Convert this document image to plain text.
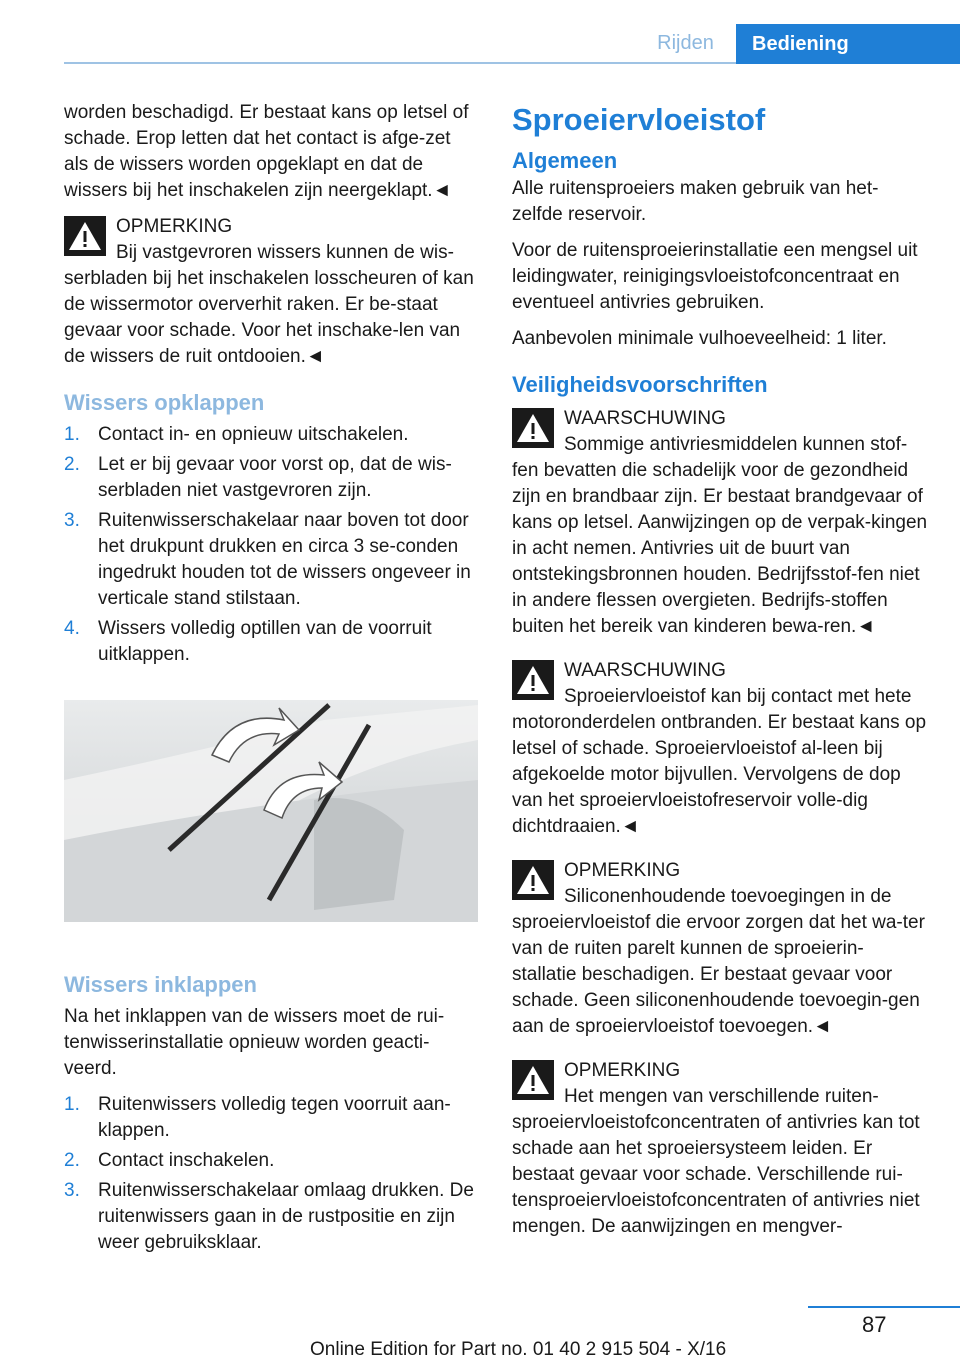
Rijden	Bediening

worden beschadigd. Er bestaat kans op letsel of schade. Erop letten dat het contact is afge‐zet als de wissers worden opgeklapt en dat de wissers bij het inschakelen zijn neergeklapt.◄

OPMERKING
Bij vastgevroren wissers kunnen de wis‐serbladen bij het inschakelen losscheuren of kan de wissermotor oververhit raken. Er be‐staat gevaar voor schade. Voor het inschake‐len van de wissers de ruit ontdooien.◄
Wissers opklappen
1. Contact in- en opnieuw uitschakelen.
2. Let er bij gevaar voor vorst op, dat de wis‐serbladen niet vastgevroren zijn.
3. Ruitenwisserschakelaar naar boven tot door het drukpunt drukken en circa 3 se‐conden ingedrukt houden tot de wissers ongeveer in verticale stand stilstaan.
4. Wissers volledig optillen van de voorruit uitklappen.
Wissers inklappen

Na het inklappen van de wissers moet de rui‐tenwisserinstallatie opnieuw worden geacti‐veerd.

1. Ruitenwissers volledig tegen voorruit aan‐klappen.
2. Contact inschakelen.
3. Ruitenwisserschakelaar omlaag drukken. De ruitenwissers gaan in de rustpositie en zijn weer gebruiksklaar.
Sproeiervloeistof
Algemeen

Alle ruitensproeiers maken gebruik van het‐zelfde reservoir.

Voor de ruitensproeierinstallatie een mengsel uit leidingwater, reinigingsvloeistofconcentraat en eventueel antivries gebruiken.

Aanbevolen minimale vulhoeveelheid: 1 liter.

Veiligheidsvoorschriften
WAARSCHUWING
Sommige antivriesmiddelen kunnen stof‐fen bevatten die schadelijk voor de gezondheid zijn en brandbaar zijn. Er bestaat brandgevaar of kans op letsel. Aanwijzingen op de verpak‐kingen in acht nemen. Antivries uit de buurt van ontstekingsbronnen houden. Bedrijfsstof‐fen niet in andere flessen overgieten. Bedrijfs‐stoffen buiten het bereik van kinderen bewa‐ren.◄
WAARSCHUWING
Sproeiervloeistof kan bij contact met hete motoronderdelen ontbranden. Er bestaat kans op letsel of schade. Sproeiervloeistof al‐leen bij afgekoelde motor bijvullen. Vervolgens de dop van het sproeiervloeistofreservoir volle‐dig dichtdraaien.◄
OPMERKING
Siliconenhoudende toevoegingen in de sproeiervloeistof die ervoor zorgen dat het wa‐ter van de ruiten parelt kunnen de sproeierin‐stallatie beschadigen. Er bestaat gevaar voor schade. Geen siliconenhoudende toevoegin‐gen aan de sproeiervloeistof toevoegen.◄
OPMERKING
Het mengen van verschillende ruiten‐sproeiervloeistofconcentraten of antivries kan tot schade aan het sproeiersysteem leiden. Er bestaat gevaar voor schade. Verschillende rui‐tensproeiervloeistofconcentraten of antivries niet mengen. De aanwijzingen en mengver‐
87
Online Edition for Part no. 01 40 2 915 504 - X/16
